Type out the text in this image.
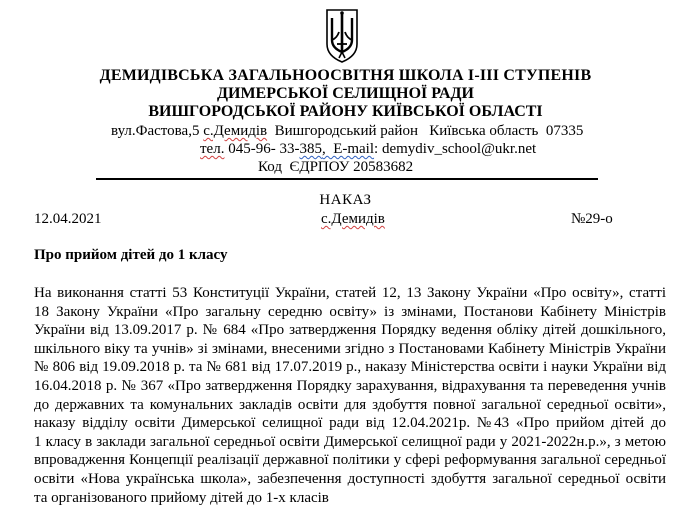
ДЕМИДІВСЬКА ЗАГАЛЬНООСВІТНЯ ШКОЛА І-ІІІ СТУПЕНІВ
ДИМЕРСЬКОЇ СЕЛИЩНОЇ РАДИ
ВИШГОРОДСЬКОЇ РАЙОНУ КИЇВСЬКОЇ ОБЛАСТІ
вул.Фастова,5 с.Демидів  Вишгородський район   Київська область  07335
тел. 045-96- 33-385,  E-mail: demydiv_school@ukr.net
Код  ЄДРПОУ 20583682
НАКАЗ
12.04.2021	с.Демидів	№29-о
Про прийом дітей до 1 класу
На виконання статті 53 Конституції України, статей 12, 13 Закону України «Про освіту», статті
18 Закону України «Про загальну середню освіту» із змінами, Постанови Кабінету Міністрів
України від 13.09.2017 р. № 684 «Про затвердження Порядку ведення обліку дітей дошкільного,
шкільного віку та учнів» зі змінами, внесеними згідно з Постановами Кабінету Міністрів України
№ 806 від 19.09.2018 р. та № 681 від 17.07.2019 р., наказу Міністерства освіти і науки України від
16.04.2018 р. № 367 «Про затвердження Порядку зарахування, відрахування та переведення учнів
до державних та комунальних закладів освіти для здобуття повної загальної середньої освіти»,
наказу відділу освіти Димерської селищної ради від 12.04.2021р. №43 «Про прийом дітей до
1 класу в заклади загальної середньої освіти Димерської селищної ради у 2021-2022н.р.», з метою
впровадження Концепції реалізації державної політики у сфері реформування загальної середньої
освіти «Нова українська школа», забезпечення доступності здобуття загальної середньої освіти
та організованого прийому дітей до 1-х класів
